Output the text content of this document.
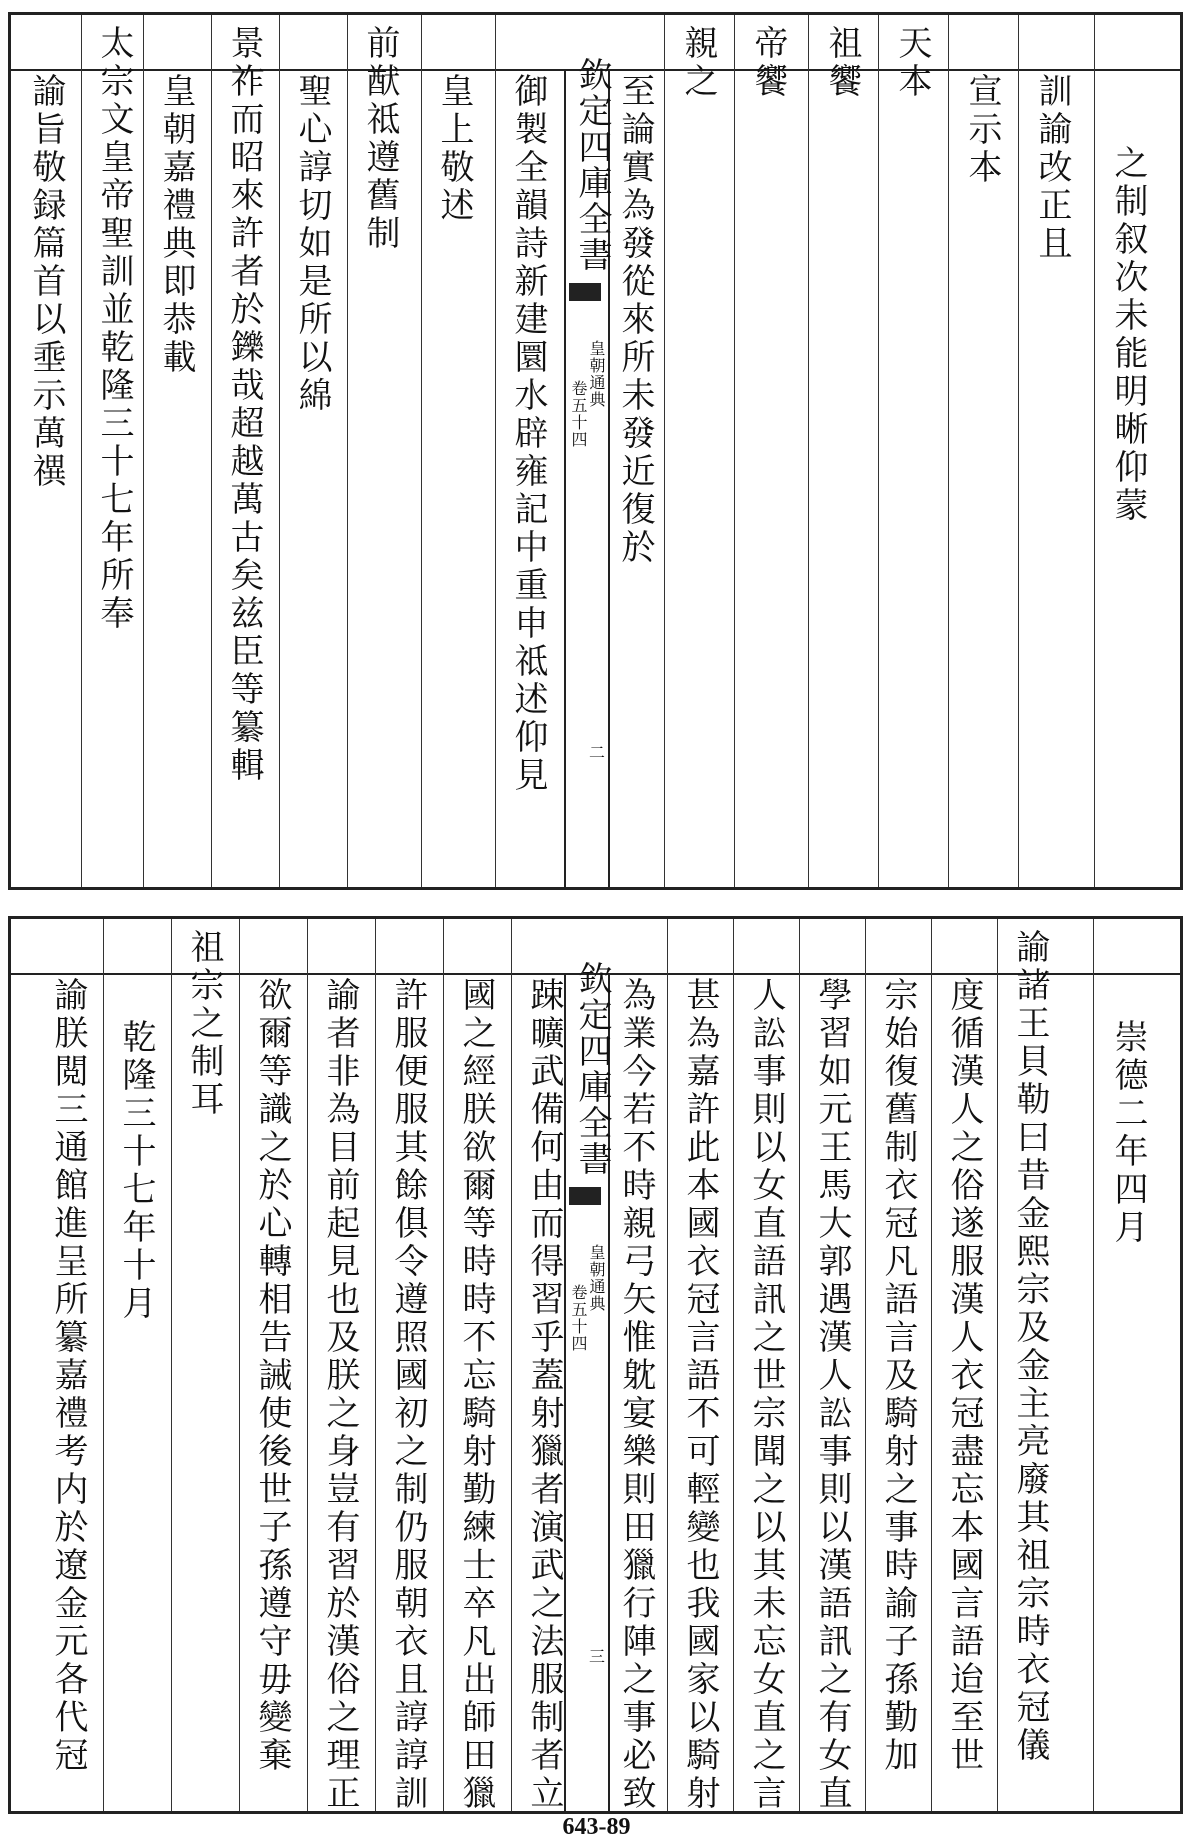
之制叙次未能明晰仰蒙
訓諭改正且
宣示本
天本
祖饗
帝饗
親之
至論實為發從來所未發近復於
欽定四庫全書
皇朝通典
卷五十四
二
御製全韻詩新建圜水辟雍記中重申祗述仰見
皇上敬述
前猷祗遵舊制
聖心諄切如是所以綿
景祚而昭來許者於鑠哉超越萬古矣兹臣等纂輯
皇朝嘉禮典即恭載
太宗文皇帝聖訓並乾隆三十七年所奉
諭旨敬録篇首以埀示萬禩
崇德二年四月
諭諸王貝勒曰昔金熙宗及金主亮廢其祖宗時衣冠儀
度循漢人之俗遂服漢人衣冠盡忘本國言語迨至世
宗始復舊制衣冠凡語言及騎射之事時諭子孫勤加
學習如元王馬大郭遇漢人訟事則以漢語訊之有女直
人訟事則以女直語訊之世宗聞之以其未忘女直之言
甚為嘉許此本國衣冠言語不可輕變也我國家以騎射
為業今若不時親弓矢惟躭宴樂則田獵行陣之事必致
欽定四庫全書
皇朝通典
卷五十四
三
踈曠武備何由而得習乎蓋射獵者演武之法服制者立
國之經朕欲爾等時時不忘騎射勤練士卒凡出師田獵
許服便服其餘俱令遵照國初之制仍服朝衣且諄諄訓
諭者非為目前起見也及朕之身豈有習於漢俗之理正
欲爾等識之於心轉相告誡使後世子孫遵守毋變棄
祖宗之制耳
乾隆三十七年十月
諭朕閲三通館進呈所纂嘉禮考内於遼金元各代冠
643-89
